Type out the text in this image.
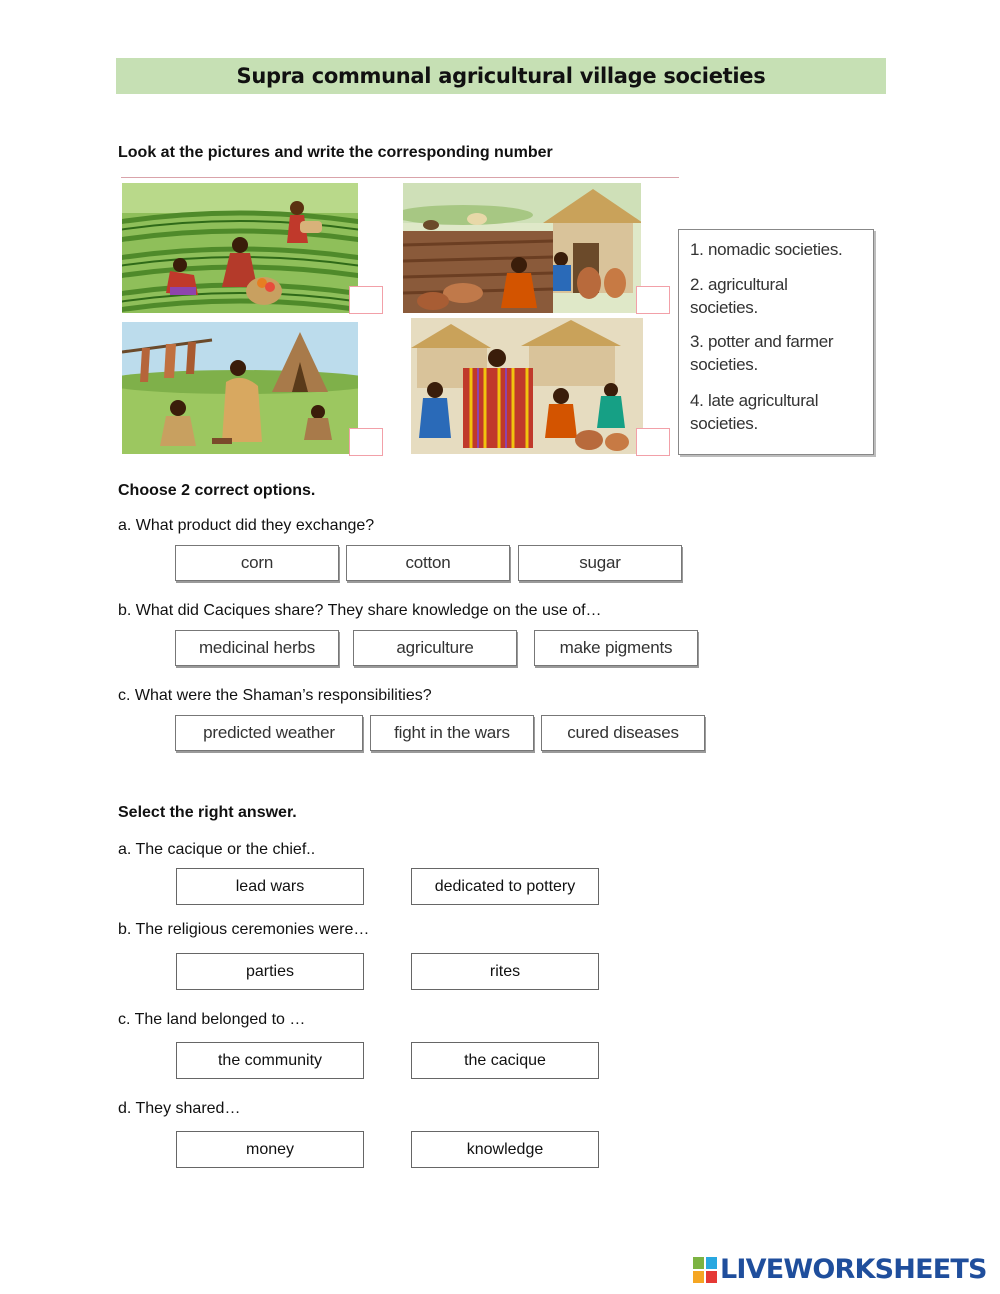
Supra communal agricultural village societies
Look at the pictures and write the corresponding number
1. nomadic societies.
2. agricultural societies.
3. potter and farmer societies.
4. late agricultural societies.
Choose 2 correct options.
a. What product did they exchange?
corn	cotton	sugar
b. What did Caciques share? They share knowledge on the use of…
medicinal herbs	agriculture	make pigments
c. What were the Shaman’s responsibilities?
predicted weather	fight in the wars	cured diseases
Select the right answer.
a. The cacique or the chief..
lead wars	dedicated to pottery
b. The religious ceremonies were…
parties	rites
c. The land belonged to …
the community	the cacique
d. They shared…
money	knowledge
LIVEWORKSHEETS
